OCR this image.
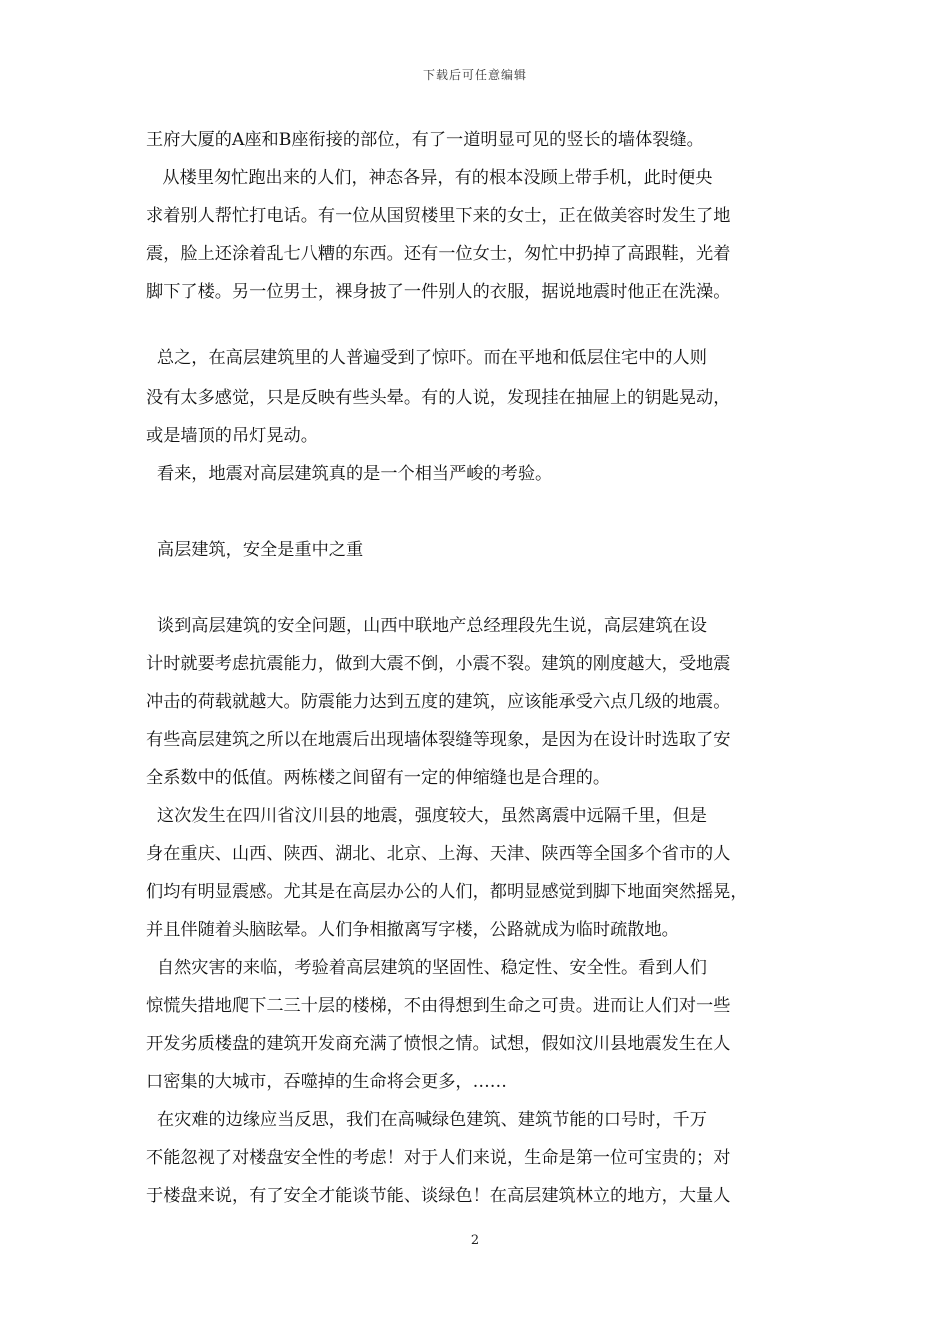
下载后可任意编辑
王府大厦的A座和B座衔接的部位，有了一道明显可见的竖长的墙体裂缝。
从楼里匆忙跑出来的人们，神态各异，有的根本没顾上带手机，此时便央
求着别人帮忙打电话。有一位从国贸楼里下来的女士，正在做美容时发生了地
震，脸上还涂着乱七八糟的东西。还有一位女士，匆忙中扔掉了高跟鞋，光着
脚下了楼。另一位男士，裸身披了一件别人的衣服，据说地震时他正在洗澡。
总之，在高层建筑里的人普遍受到了惊吓。而在平地和低层住宅中的人则
没有太多感觉，只是反映有些头晕。有的人说，发现挂在抽屉上的钥匙晃动，
或是墙顶的吊灯晃动。
看来，地震对高层建筑真的是一个相当严峻的考验。
高层建筑，安全是重中之重
谈到高层建筑的安全问题，山西中联地产总经理段先生说，高层建筑在设
计时就要考虑抗震能力，做到大震不倒，小震不裂。建筑的刚度越大，受地震
冲击的荷载就越大。防震能力达到五度的建筑，应该能承受六点几级的地震。
有些高层建筑之所以在地震后出现墙体裂缝等现象，是因为在设计时选取了安
全系数中的低值。两栋楼之间留有一定的伸缩缝也是合理的。
这次发生在四川省汶川县的地震，强度较大，虽然离震中远隔千里，但是
身在重庆、山西、陕西、湖北、北京、上海、天津、陕西等全国多个省市的人
们均有明显震感。尤其是在高层办公的人们，都明显感觉到脚下地面突然摇晃，
并且伴随着头脑眩晕。人们争相撤离写字楼，公路就成为临时疏散地。
自然灾害的来临，考验着高层建筑的坚固性、稳定性、安全性。看到人们
惊慌失措地爬下二三十层的楼梯，不由得想到生命之可贵。进而让人们对一些
开发劣质楼盘的建筑开发商充满了愤恨之情。试想，假如汶川县地震发生在人
口密集的大城市，吞噬掉的生命将会更多，……
在灾难的边缘应当反思，我们在高喊绿色建筑、建筑节能的口号时，千万
不能忽视了对楼盘安全性的考虑！对于人们来说，生命是第一位可宝贵的；对
于楼盘来说，有了安全才能谈节能、谈绿色！在高层建筑林立的地方，大量人
2
